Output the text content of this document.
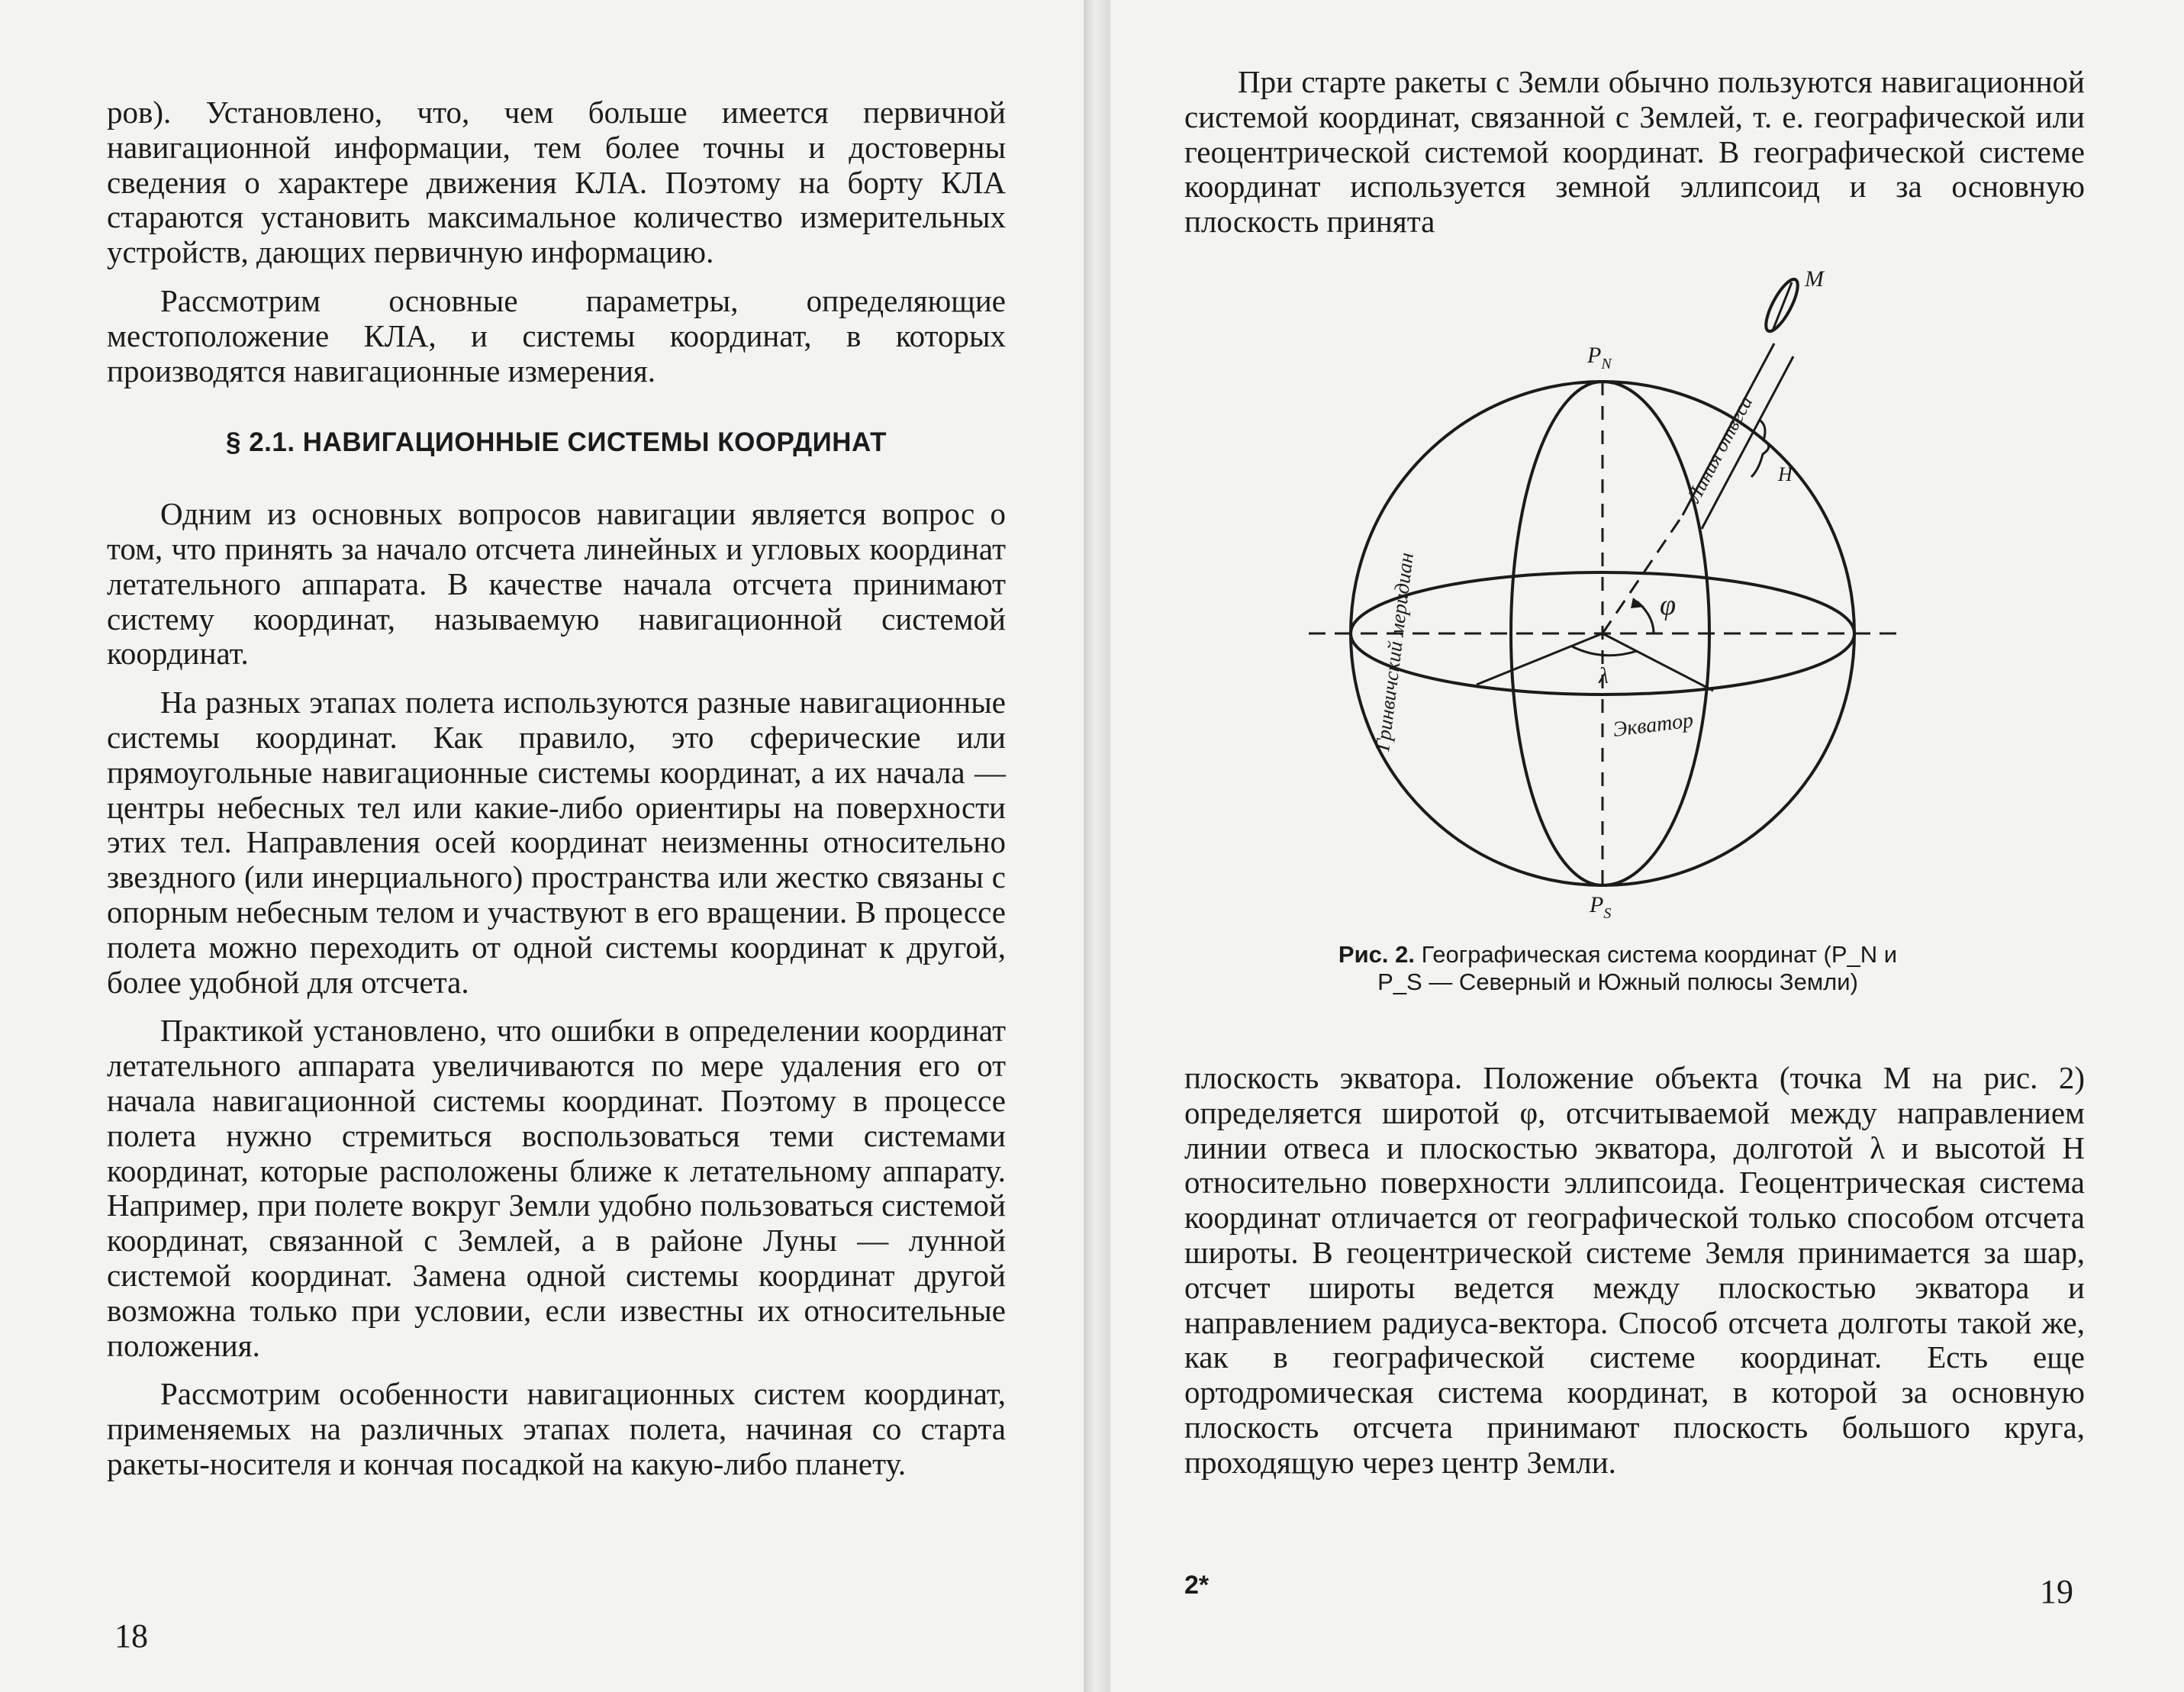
ров). Установлено, что, чем больше имеется первичной навигационной информации, тем более точны и достоверны сведения о характере движения КЛА. Поэтому на борту КЛА стараются установить максимальное количество измерительных устройств, дающих первичную информацию.

Рассмотрим основные параметры, определяющие местоположение КЛА, и системы координат, в которых производятся навигационные измерения.

§ 2.1. НАВИГАЦИОННЫЕ СИСТЕМЫ КООРДИНАТ

Одним из основных вопросов навигации является вопрос о том, что принять за начало отсчета линейных и угловых координат летательного аппарата. В качестве начала отсчета принимают систему координат, называемую навигационной системой координат.

На разных этапах полета используются разные навигационные системы координат. Как правило, это сферические или прямоугольные навигационные системы координат, а их начала — центры небесных тел или какие-либо ориентиры на поверхности этих тел. Направления осей координат неизменны относительно звездного (или инерциального) пространства или жестко связаны с опорным небесным телом и участвуют в его вращении. В процессе полета можно переходить от одной системы координат к другой, более удобной для отсчета.

Практикой установлено, что ошибки в определении координат летательного аппарата увеличиваются по мере удаления его от начала навигационной системы координат. Поэтому в процессе полета нужно стремиться воспользоваться теми системами координат, которые расположены ближе к летательному аппарату. Например, при полете вокруг Земли удобно пользоваться системой координат, связанной с Землей, а в районе Луны — лунной системой координат. Замена одной системы координат другой возможна только при условии, если известны их относительные положения.

Рассмотрим особенности навигационных систем координат, применяемых на различных этапах полета, начиная со старта ракеты-носителя и кончая посадкой на какую-либо планету.

18

При старте ракеты с Земли обычно пользуются навигационной системой координат, связанной с Землей, т. е. географической или геоцентрической системой координат. В географической системе координат используется земной эллипсоид и за основную плоскость принята

$P_N$
$P_S$
М
H
φ
λ
Экватор
Гринвичский меридиан
Линия отвеса
Рис. 2. Географическая система координат (P_N и P_S — Северный и Южный полюсы Земли)

плоскость экватора. Положение объекта (точка М на рис. 2) определяется широтой φ, отсчитываемой между направлением линии отвеса и плоскостью экватора, долготой λ и высотой Н относительно поверхности эллипсоида. Геоцентрическая система координат отличается от географической только способом отсчета широты. В геоцентрической системе Земля принимается за шар, отсчет широты ведется между плоскостью экватора и направлением радиуса-вектора. Способ отсчета долготы такой же, как в географической системе координат. Есть еще ортодромическая система координат, в которой за основную плоскость отсчета принимают плоскость большого круга, проходящую через центр Земли.

2*	19
